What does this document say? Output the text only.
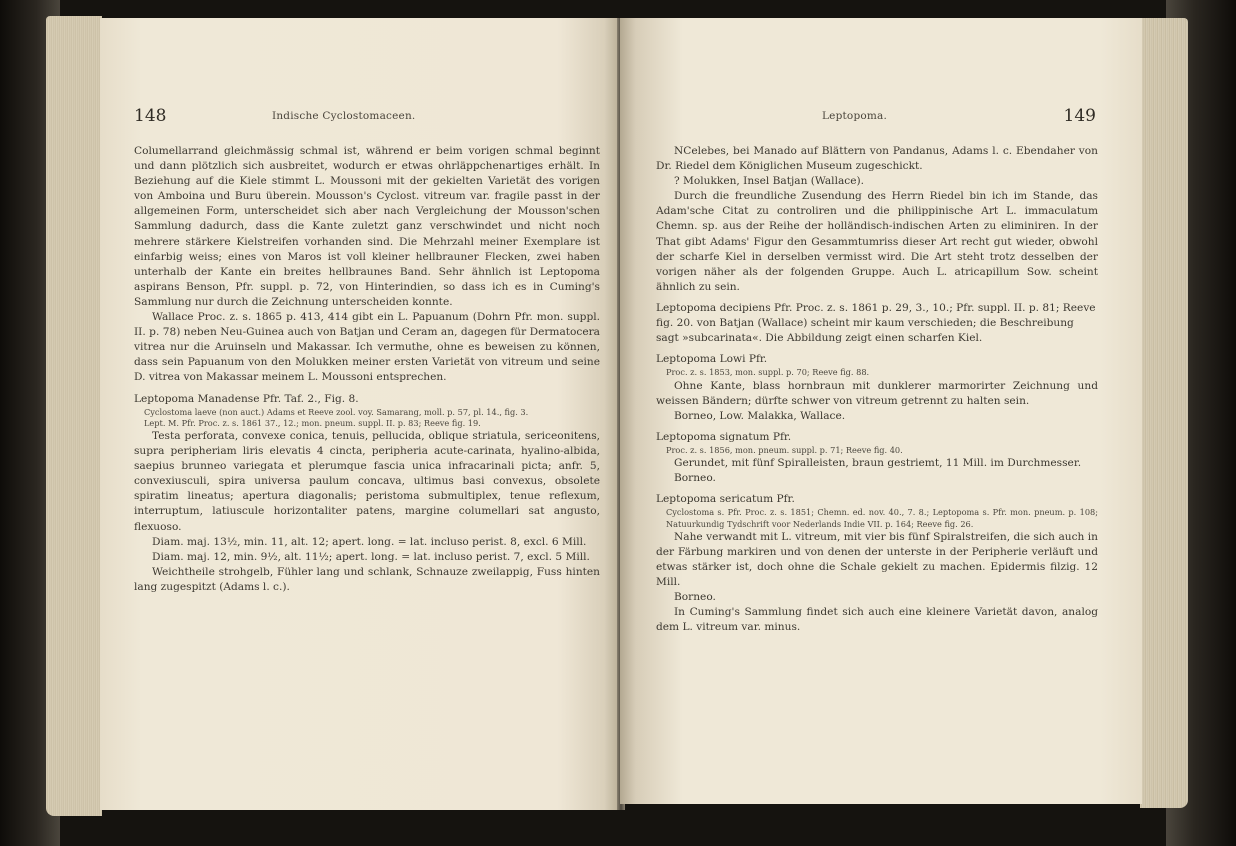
148	Indische Cyclostomaceen.

Columellarrand gleichmässig schmal ist, während er beim vorigen schmal beginnt und dann plötzlich sich ausbreitet, wodurch er etwas ohrläppchenartiges erhält. In Beziehung auf die Kiele stimmt L. Moussoni mit der gekielten Varietät des vorigen von Amboina und Buru überein. Mousson's Cyclost. vitreum var. fragile passt in der allgemeinen Form, unterscheidet sich aber nach Vergleichung der Mousson'schen Sammlung dadurch, dass die Kante zuletzt ganz verschwindet und nicht noch mehrere stärkere Kielstreifen vorhanden sind. Die Mehrzahl meiner Exemplare ist einfarbig weiss; eines von Maros ist voll kleiner hellbrauner Flecken, zwei haben unterhalb der Kante ein breites hellbraunes Band. Sehr ähnlich ist Leptopoma aspirans Benson, Pfr. suppl. p. 72, von Hinterindien, so dass ich es in Cuming's Sammlung nur durch die Zeichnung unterscheiden konnte.

Wallace Proc. z. s. 1865 p. 413, 414 gibt ein L. Papuanum (Dohrn Pfr. mon. suppl. II. p. 78) neben Neu-Guinea auch von Batjan und Ceram an, dagegen für Dermatocera vitrea nur die Aruinseln und Makassar. Ich vermuthe, ohne es beweisen zu können, dass sein Papuanum von den Molukken meiner ersten Varietät von vitreum und seine D. vitrea von Makassar meinem L. Moussoni entsprechen.

Leptopoma Manadense Pfr. Taf. 2., Fig. 8.

Cyclostoma laeve (non auct.) Adams et Reeve zool. voy. Samarang, moll. p. 57, pl. 14., fig. 3.

Lept. M. Pfr. Proc. z. s. 1861 37., 12.; mon. pneum. suppl. II. p. 83; Reeve fig. 19.

Testa perforata, convexe conica, tenuis, pellucida, oblique striatula, sericeonitens, supra peripheriam liris elevatis 4 cincta, peripheria acute-carinata, hyalino-albida, saepius brunneo variegata et plerumque fascia unica infracarinali picta; anfr. 5, convexiusculi, spira universa paulum concava, ultimus basi convexus, obsolete spiratim lineatus; apertura diagonalis; peristoma submultiplex, tenue reflexum, interruptum, latiuscule horizontaliter patens, margine columellari sat angusto, flexuoso.

Diam. maj. 13½, min. 11, alt. 12; apert. long. = lat. incluso perist. 8, excl. 6 Mill.

Diam. maj. 12, min. 9½, alt. 11½; apert. long. = lat. incluso perist. 7, excl. 5 Mill.

Weichtheile strohgelb, Fühler lang und schlank, Schnauze zweilappig, Fuss hinten lang zugespitzt (Adams l. c.).

Leptopoma.	149

NCelebes, bei Manado auf Blättern von Pandanus, Adams l. c. Ebendaher von Dr. Riedel dem Königlichen Museum zugeschickt.

? Molukken, Insel Batjan (Wallace).

Durch die freundliche Zusendung des Herrn Riedel bin ich im Stande, das Adam'sche Citat zu controliren und die philippinische Art L. immaculatum Chemn. sp. aus der Reihe der holländisch-indischen Arten zu eliminiren. In der That gibt Adams' Figur den Gesammtumriss dieser Art recht gut wieder, obwohl der scharfe Kiel in derselben vermisst wird. Die Art steht trotz desselben der vorigen näher als der folgenden Gruppe. Auch L. atricapillum Sow. scheint ähnlich zu sein.

Leptopoma decipiens Pfr. Proc. z. s. 1861 p. 29, 3., 10.; Pfr. suppl. II. p. 81; Reeve fig. 20. von Batjan (Wallace) scheint mir kaum verschieden; die Beschreibung sagt »subcarinata«. Die Abbildung zeigt einen scharfen Kiel.

Leptopoma Lowi Pfr.

Proc. z. s. 1853, mon. suppl. p. 70; Reeve fig. 88.

Ohne Kante, blass hornbraun mit dunklerer marmorirter Zeichnung und weissen Bändern; dürfte schwer von vitreum getrennt zu halten sein.

Borneo, Low. Malakka, Wallace.

Leptopoma signatum Pfr.

Proc. z. s. 1856, mon. pneum. suppl. p. 71; Reeve fig. 40.

Gerundet, mit fünf Spiralleisten, braun gestriemt, 11 Mill. im Durchmesser.

Borneo.

Leptopoma sericatum Pfr.

Cyclostoma s. Pfr. Proc. z. s. 1851; Chemn. ed. nov. 40., 7. 8.; Leptopoma s. Pfr. mon. pneum. p. 108; Natuurkundig Tydschrift voor Nederlands Indie VII. p. 164; Reeve fig. 26.

Nahe verwandt mit L. vitreum, mit vier bis fünf Spiralstreifen, die sich auch in der Färbung markiren und von denen der unterste in der Peripherie verläuft und etwas stärker ist, doch ohne die Schale gekielt zu machen. Epidermis filzig. 12 Mill.

Borneo.

In Cuming's Sammlung findet sich auch eine kleinere Varietät davon, analog dem L. vitreum var. minus.
